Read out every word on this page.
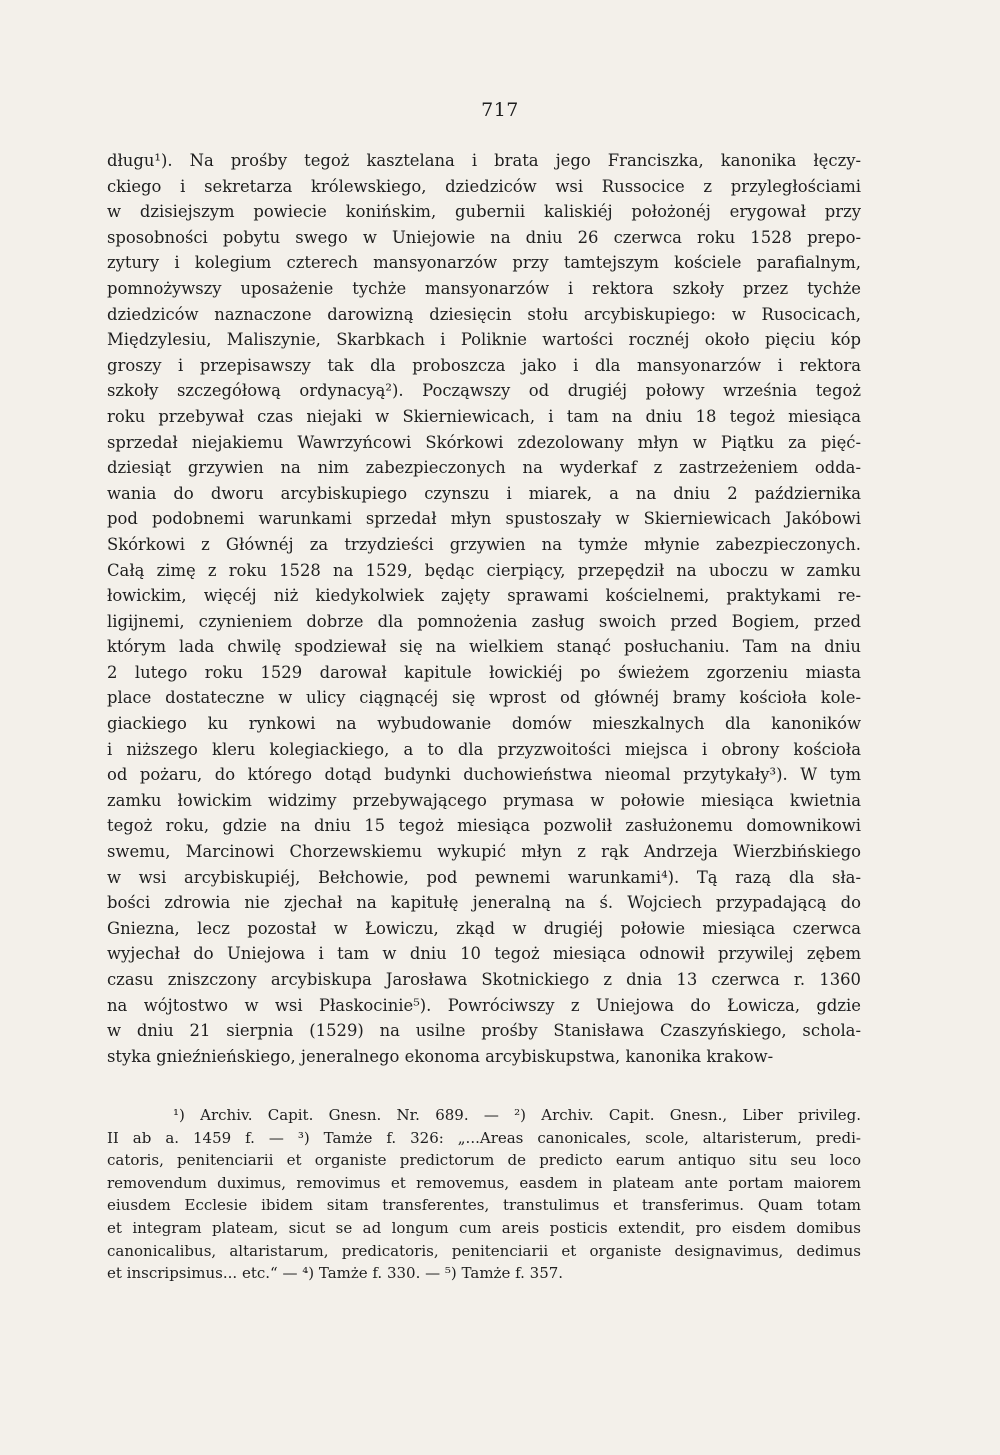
717
długu¹). Na prośby tegoż kasztelana i brata jego Franciszka, kanonika łęczy-
ckiego i sekretarza królewskiego, dziedziców wsi Russocice z przyległościami
w dzisiejszym powiecie konińskim, gubernii kaliskiéj położonéj erygował przy
sposobności pobytu swego w Uniejowie na dniu 26 czerwca roku 1528 prepo-
zytury i kolegium czterech mansyonarzów przy tamtejszym kościele parafialnym,
pomnożywszy uposażenie tychże mansyonarzów i rektora szkoły przez tychże
dziedziców naznaczone darowizną dziesięcin stołu arcybiskupiego: w Rusocicach,
Międzylesiu, Maliszynie, Skarbkach i Poliknie wartości rocznéj około pięciu kóp
groszy i przepisawszy tak dla proboszcza jako i dla mansyonarzów i rektora
szkoły szczegółową ordynacyą²). Począwszy od drugiéj połowy września tegoż
roku przebywał czas niejaki w Skierniewicach, i tam na dniu 18 tegoż miesiąca
sprzedał niejakiemu Wawrzyńcowi Skórkowi zdezolowany młyn w Piątku za pięć-
dziesiąt grzywien na nim zabezpieczonych na wyderkaf z zastrzeżeniem odda-
wania do dworu arcybiskupiego czynszu i miarek, a na dniu 2 października
pod podobnemi warunkami sprzedał młyn spustoszały w Skierniewicach Jakóbowi
Skórkowi z Głównéj za trzydzieści grzywien na tymże młynie zabezpieczonych.
Całą zimę z roku 1528 na 1529, będąc cierpiący, przepędził na uboczu w zamku
łowickim, więcéj niż kiedykolwiek zajęty sprawami kościelnemi, praktykami re-
ligijnemi, czynieniem dobrze dla pomnożenia zasług swoich przed Bogiem, przed
którym lada chwilę spodziewał się na wielkiem stanąć posłuchaniu. Tam na dniu
2 lutego roku 1529 darował kapitule łowickiéj po świeżem zgorzeniu miasta
place dostateczne w ulicy ciągnącéj się wprost od głównéj bramy kościoła kole-
giackiego ku rynkowi na wybudowanie domów mieszkalnych dla kanoników
i niższego kleru kolegiackiego, a to dla przyzwoitości miejsca i obrony kościoła
od pożaru, do którego dotąd budynki duchowieństwa nieomal przytykały³). W tym
zamku łowickim widzimy przebywającego prymasa w połowie miesiąca kwietnia
tegoż roku, gdzie na dniu 15 tegoż miesiąca pozwolił zasłużonemu domownikowi
swemu, Marcinowi Chorzewskiemu wykupić młyn z rąk Andrzeja Wierzbińskiego
w wsi arcybiskupiéj, Bełchowie, pod pewnemi warunkami⁴). Tą razą dla sła-
bości zdrowia nie zjechał na kapitułę jeneralną na ś. Wojciech przypadającą do
Gniezna, lecz pozostał w Łowiczu, zkąd w drugiéj połowie miesiąca czerwca
wyjechał do Uniejowa i tam w dniu 10 tegoż miesiąca odnowił przywilej zębem
czasu zniszczony arcybiskupa Jarosława Skotnickiego z dnia 13 czerwca r. 1360
na wójtostwo w wsi Płaskocinie⁵). Powróciwszy z Uniejowa do Łowicza, gdzie
w dniu 21 sierpnia (1529) na usilne prośby Stanisława Czaszyńskiego, schola-
styka gnieźnieńskiego, jeneralnego ekonoma arcybiskupstwa, kanonika krakow-
¹) Archiv. Capit. Gnesn. Nr. 689. — ²) Archiv. Capit. Gnesn., Liber privileg.
II ab a. 1459 f. — ³) Tamże f. 326: „...Areas canonicales, scole, altaristerum, predi-
catoris, penitenciarii et organiste predictorum de predicto earum antiquo situ seu loco
removendum duximus, removimus et removemus, easdem in plateam ante portam maiorem
eiusdem Ecclesie ibidem sitam transferentes, transtulimus et transferimus. Quam totam
et integram plateam, sicut se ad longum cum areis posticis extendit, pro eisdem domibus
canonicalibus, altaristarum, predicatoris, penitenciarii et organiste designavimus, dedimus
et inscripsimus... etc.“ — ⁴) Tamże f. 330. — ⁵) Tamże f. 357.
